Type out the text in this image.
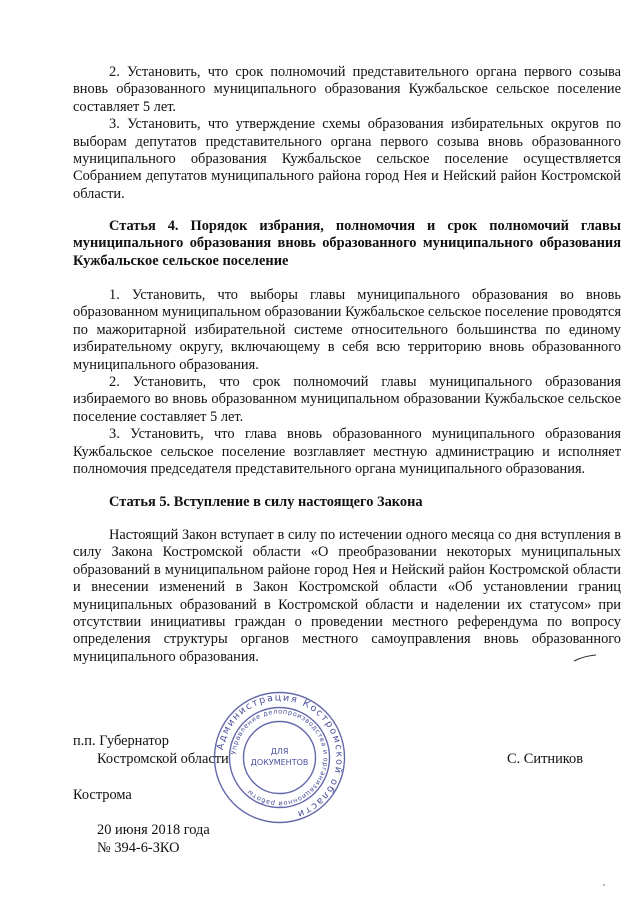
2. Установить, что срок полномочий представительного органа первого созыва вновь образованного муниципального образования Кужбальское сельское поселение составляет 5 лет.

3. Установить, что утверждение схемы образования избирательных округов по выборам депутатов представительного органа первого созыва вновь образованного муниципального образования Кужбальское сельское поселение осуществляется Собранием депутатов муниципального района город Нея и Нейский район Костромской области.

Статья 4. Порядок избрания, полномочия и срок полномочий главы муниципального образования вновь образованного муниципального образования Кужбальское сельское поселение

1. Установить, что выборы главы муниципального образования во вновь образованном муниципальном образовании Кужбальское сельское поселение проводятся по мажоритарной избирательной системе относительного большинства по единому избирательному округу, включающему в себя всю территорию вновь образованного муниципального образования.

2. Установить, что срок полномочий главы муниципального образования избираемого во вновь образованном муниципальном образовании Кужбальское сельское поселение составляет 5 лет.

3. Установить, что глава вновь образованного муниципального образования Кужбальское сельское поселение возглавляет местную администрацию и исполняет полномочия председателя представительного органа муниципального образования.

Статья 5. Вступление в силу настоящего Закона

Настоящий Закон вступает в силу по истечении одного месяца со дня вступления в силу Закона Костромской области «О преобразовании некоторых муниципальных образований в муниципальном районе город Нея и Нейский район Костромской области и внесении изменений в Закон Костромской области «Об установлении границ муниципальных образований в Костромской области и наделении их статусом» при отсутствии инициативы граждан о проведении местного референдума по вопросу определения структуры органов местного самоуправления вновь образованного муниципального образования.

п.п. Губернатор
Костромской области	С. Ситников
Кострома
20 июня 2018 года
№ 394-6-ЗКО
Администрация Костромской области
Управление делопроизводства и организационной работы
ДЛЯ
ДОКУМЕНТОВ
